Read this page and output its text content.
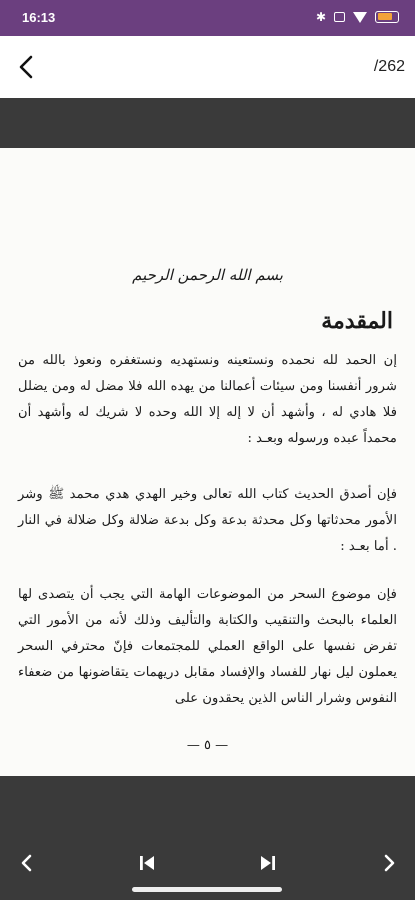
16:13	✱
/262
بسم الله الرحمن الرحيم
المقدمة
إن الحمد لله نحمده ونستعينه ونستهديه ونستغفره ونعوذ بالله من شرور أنفسنا ومن سيئات أعمالنا من يهده الله فلا مضل له ومن يضلل فلا هادي له ، وأشهد أن لا إله إلا الله وحده لا شريك له وأشهد أن محمداً عبده ورسوله وبعـد :
فإن أصدق الحديث كتاب الله تعالى وخير الهدي هدي محمد ﷺ وشر الأمور محدثاتها وكل محدثة بدعة وكل بدعة ضلالة وكل ضلالة في النار . أما بعـد :
فإن موضوع السحر من الموضوعات الهامة التي يجب أن يتصدى لها العلماء بالبحث والتنقيب والكتابة والتأليف وذلك لأنه من الأمور التي تفرض نفسها على الواقع العملي للمجتمعات فإنّ محترفي السحر يعملون ليل نهار للفساد والإفساد مقابل دريهمات يتقاضونها من ضعفاء النفوس وشرار الناس الذين يحقدون على
— ٥ —
